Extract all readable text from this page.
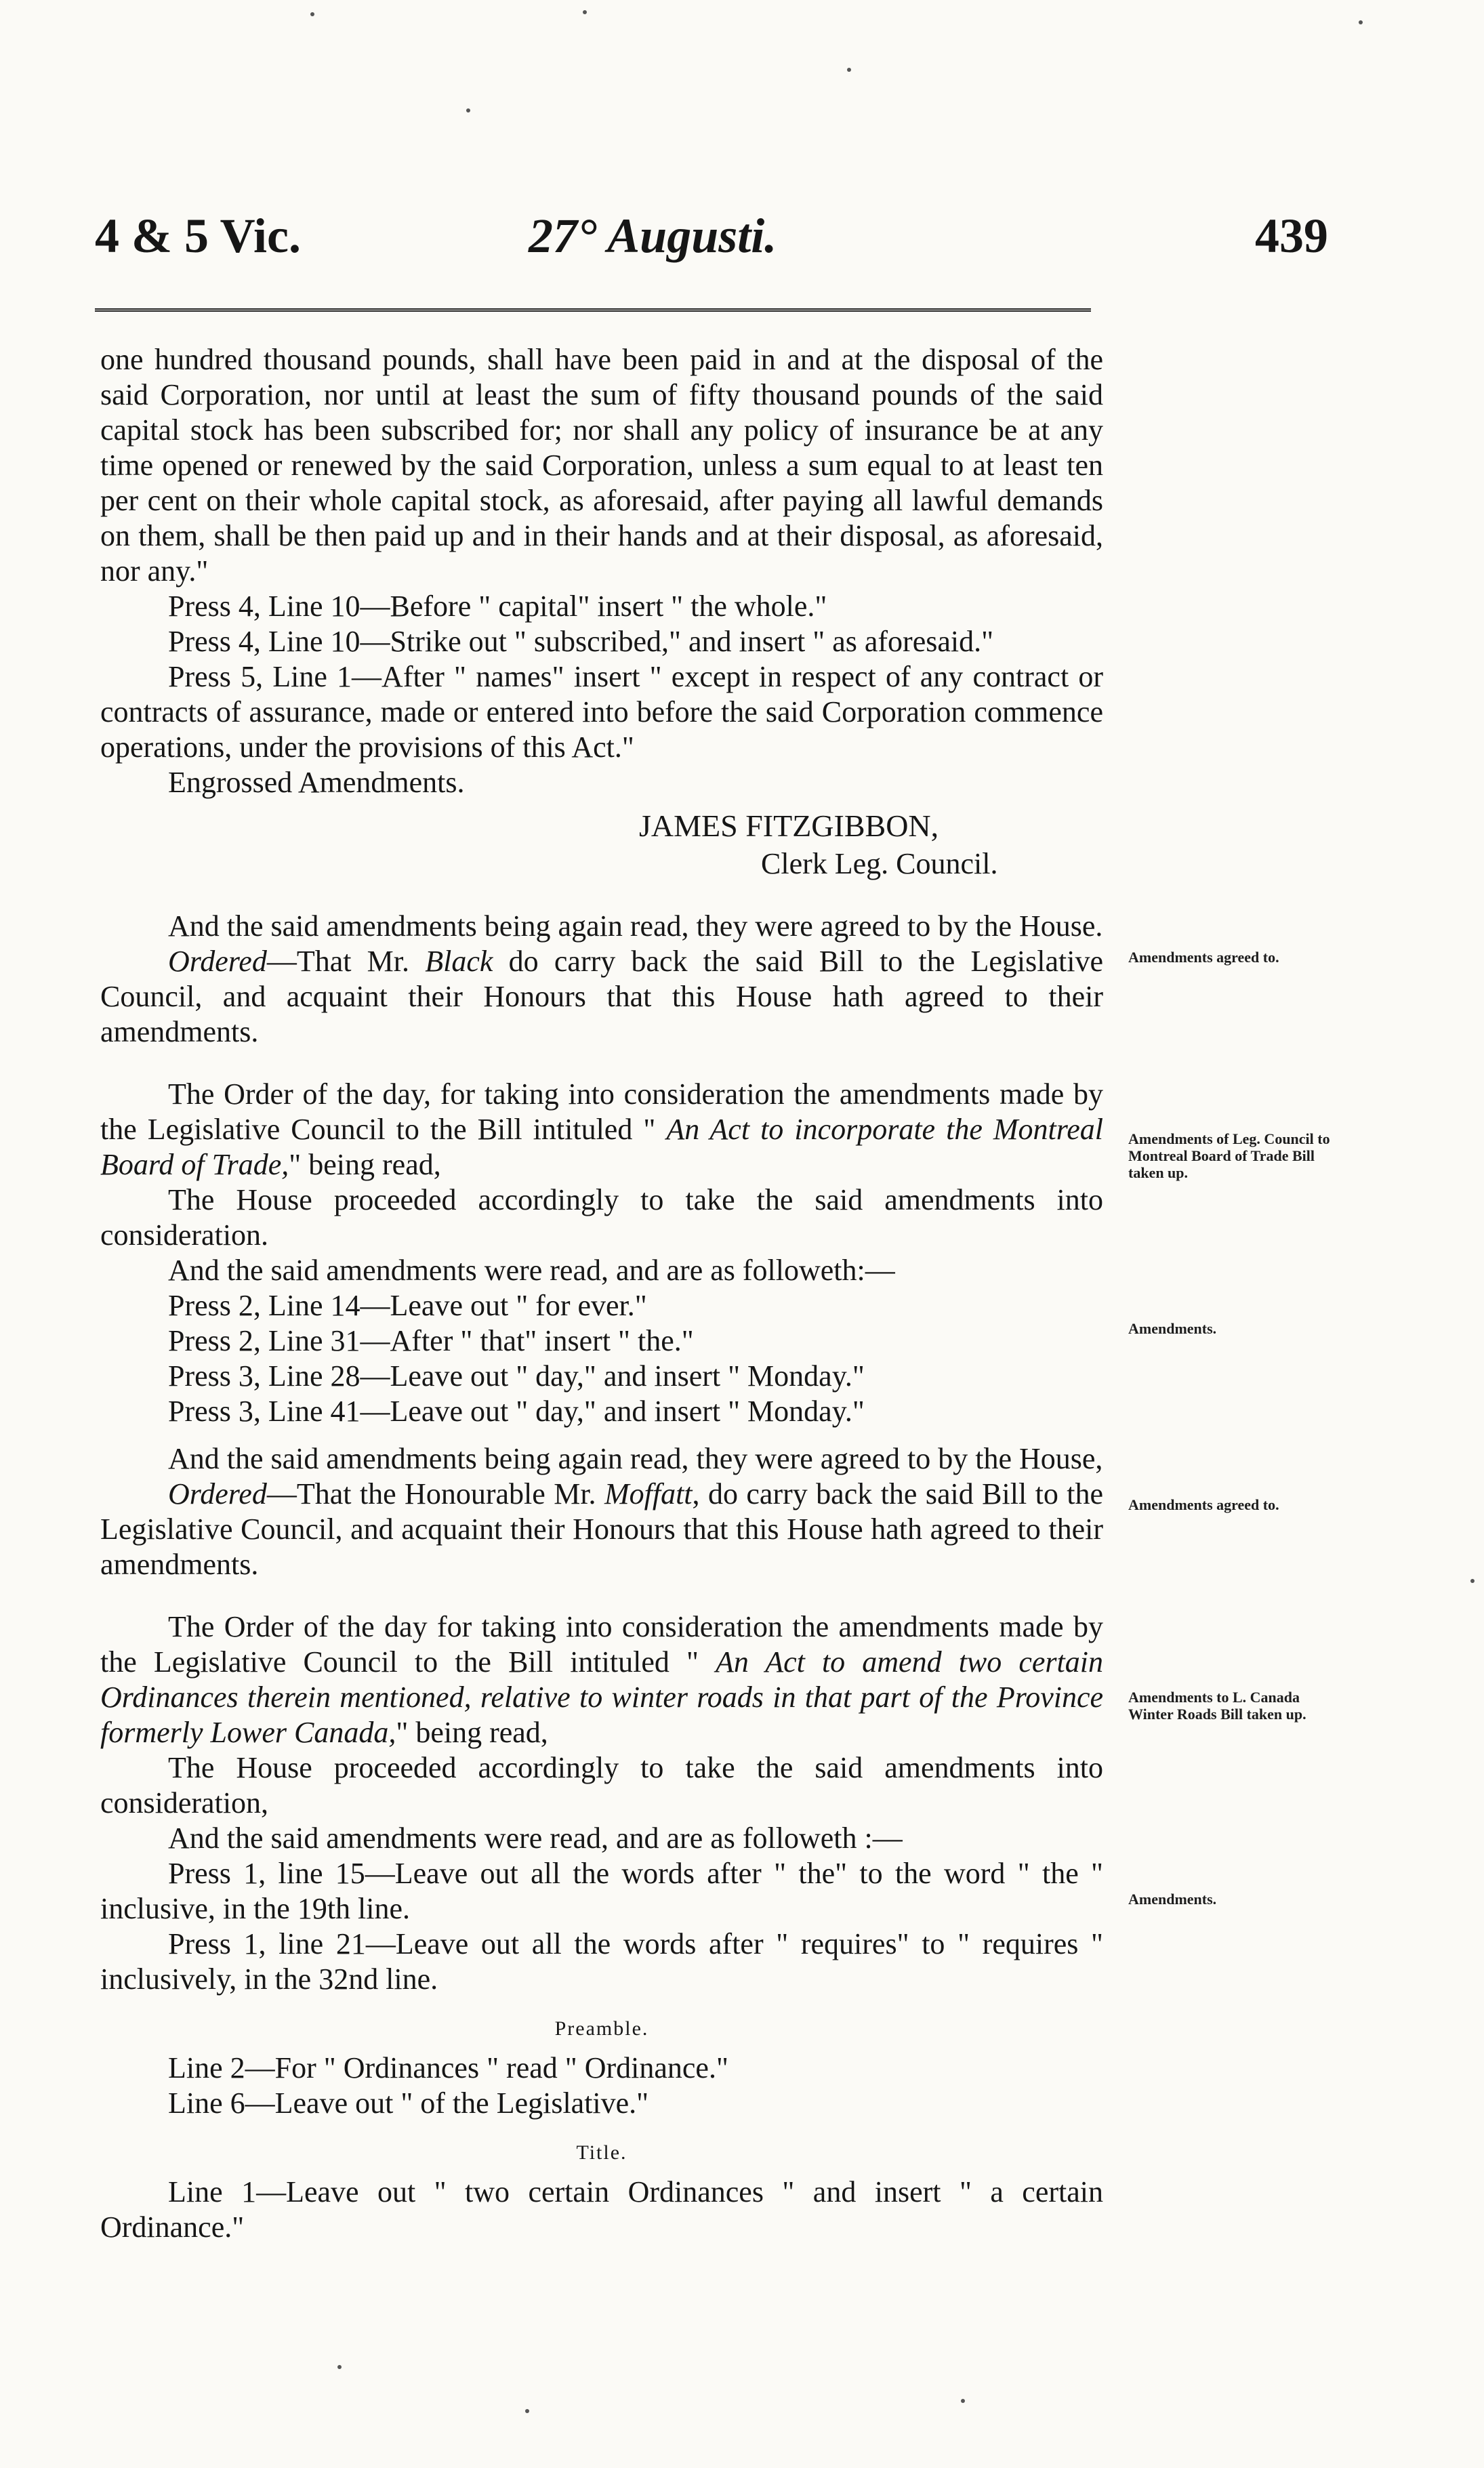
4 & 5 Vic.	27° Augusti.	439

one hundred thousand pounds, shall have been paid in and at the disposal of the said Corporation, nor until at least the sum of fifty thousand pounds of the said capital stock has been subscribed for; nor shall any policy of insurance be at any time opened or renewed by the said Corporation, unless a sum equal to at least ten per cent on their whole capital stock, as aforesaid, after paying all lawful demands on them, shall be then paid up and in their hands and at their disposal, as aforesaid, nor any."

Press 4, Line 10—Before " capital" insert " the whole."

Press 4, Line 10—Strike out " subscribed," and insert " as aforesaid."

Press 5, Line 1—After " names" insert " except in respect of any contract or contracts of assurance, made or entered into before the said Corporation commence operations, under the provisions of this Act."

Engrossed Amendments.

JAMES FITZGIBBON,

Clerk Leg. Council.

And the said amendments being again read, they were agreed to by the House.

Ordered—That Mr. Black do carry back the said Bill to the Legislative Council, and acquaint their Honours that this House hath agreed to their amendments.

The Order of the day, for taking into consideration the amendments made by the Legislative Council to the Bill intituled " An Act to incorporate the Montreal Board of Trade," being read,

The House proceeded accordingly to take the said amendments into consideration.

And the said amendments were read, and are as followeth:—

Press 2, Line 14—Leave out " for ever."

Press 2, Line 31—After " that" insert " the."

Press 3, Line 28—Leave out " day," and insert " Monday."

Press 3, Line 41—Leave out " day," and insert " Monday."

And the said amendments being again read, they were agreed to by the House,

Ordered—That the Honourable Mr. Moffatt, do carry back the said Bill to the Legislative Council, and acquaint their Honours that this House hath agreed to their amendments.

The Order of the day for taking into consideration the amendments made by the Legislative Council to the Bill intituled " An Act to amend two certain Ordinances therein mentioned, relative to winter roads in that part of the Province formerly Lower Canada," being read,

The House proceeded accordingly to take the said amendments into consideration,

And the said amendments were read, and are as followeth :—

Press 1, line 15—Leave out all the words after " the" to the word " the " inclusive, in the 19th line.

Press 1, line 21—Leave out all the words after " requires" to " requires " inclusively, in the 32nd line.

Preamble.

Line 2—For " Ordinances " read " Ordinance."

Line 6—Leave out " of the Legislative."

Title.

Line 1—Leave out " two certain Ordinances " and insert " a certain Ordinance."

Amendments agreed to.
Amendments of Leg. Council to Montreal Board of Trade Bill taken up.
Amendments.
Amendments agreed to.
Amendments to L. Canada Winter Roads Bill taken up.
Amendments.
